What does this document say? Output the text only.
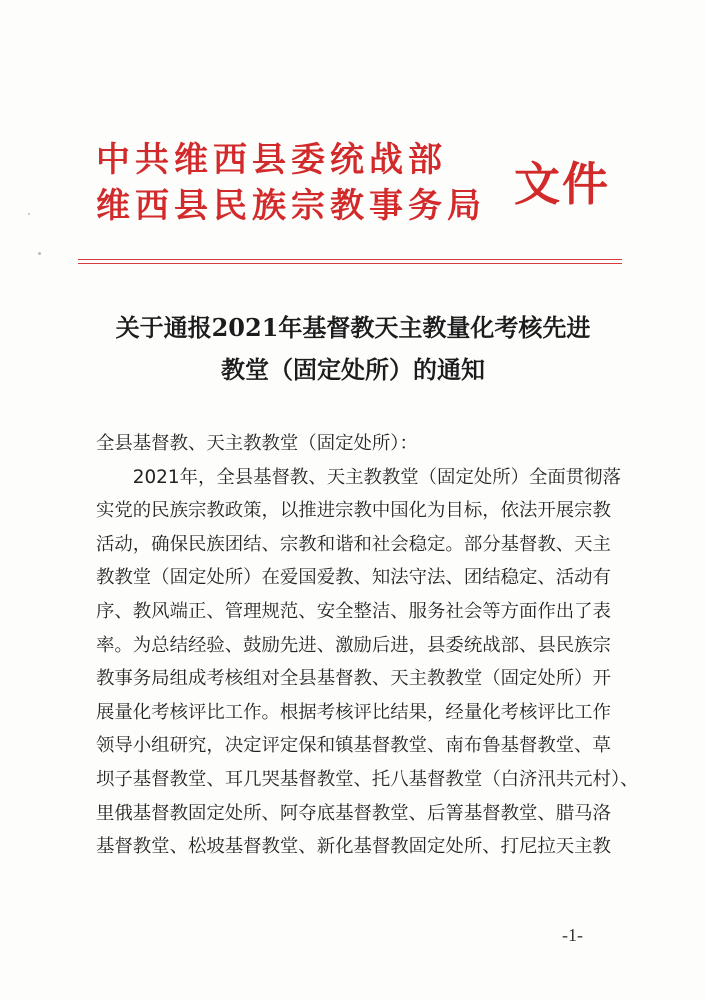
中共维西县委统战部
维西县民族宗教事务局 文件
关于通报2021年基督教天主教量化考核先进
教堂（固定处所）的通知
全县基督教、天主教教堂（固定处所）：
　　2021年，全县基督教、天主教教堂（固定处所）全面贯彻落
实党的民族宗教政策，以推进宗教中国化为目标，依法开展宗教
活动，确保民族团结、宗教和谐和社会稳定。部分基督教、天主
教教堂（固定处所）在爱国爱教、知法守法、团结稳定、活动有
序、教风端正、管理规范、安全整洁、服务社会等方面作出了表
率。为总结经验、鼓励先进、激励后进，县委统战部、县民族宗
教事务局组成考核组对全县基督教、天主教教堂（固定处所）开
展量化考核评比工作。根据考核评比结果，经量化考核评比工作
领导小组研究，决定评定保和镇基督教堂、南布鲁基督教堂、草
坝子基督教堂、耳几哭基督教堂、托八基督教堂（白济汛共元村）、
里俄基督教固定处所、阿夺底基督教堂、后箐基督教堂、腊马洛
基督教堂、松坡基督教堂、新化基督教固定处所、打尼拉天主教
-1-
